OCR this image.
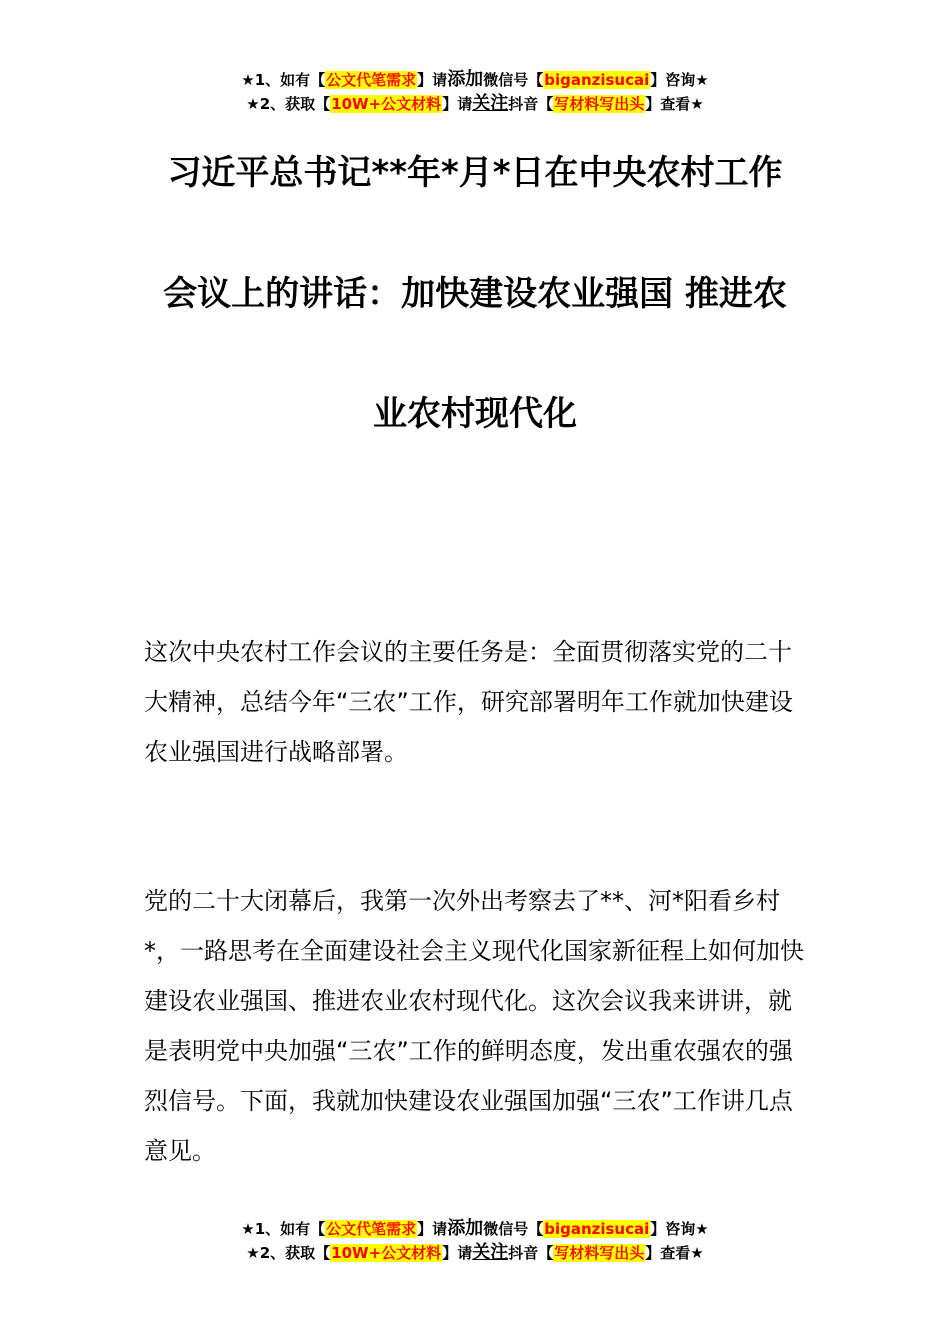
★1、如有【公文代笔需求】请添加微信号【biganzisucai】咨询★
★2、获取【10W+公文材料】请关注抖音【写材料写出头】查看★
习近平总书记**年*月*日在中央农村工作
会议上的讲话：加快建设农业强国 推进农
业农村现代化
这次中央农村工作会议的主要任务是：全面贯彻落实党的二十大精神，总结今年“三农”工作，研究部署明年工作就加快建设农业强国进行战略部署。
党的二十大闭幕后，我第一次外出考察去了**、河*阳看乡村*，一路思考在全面建设社会主义现代化国家新征程上如何加快建设农业强国、推进农业农村现代化。这次会议我来讲讲，就是表明党中央加强“三农”工作的鲜明态度，发出重农强农的强烈信号。下面，我就加快建设农业强国加强“三农”工作讲几点意见。
★1、如有【公文代笔需求】请添加微信号【biganzisucai】咨询★
★2、获取【10W+公文材料】请关注抖音【写材料写出头】查看★
